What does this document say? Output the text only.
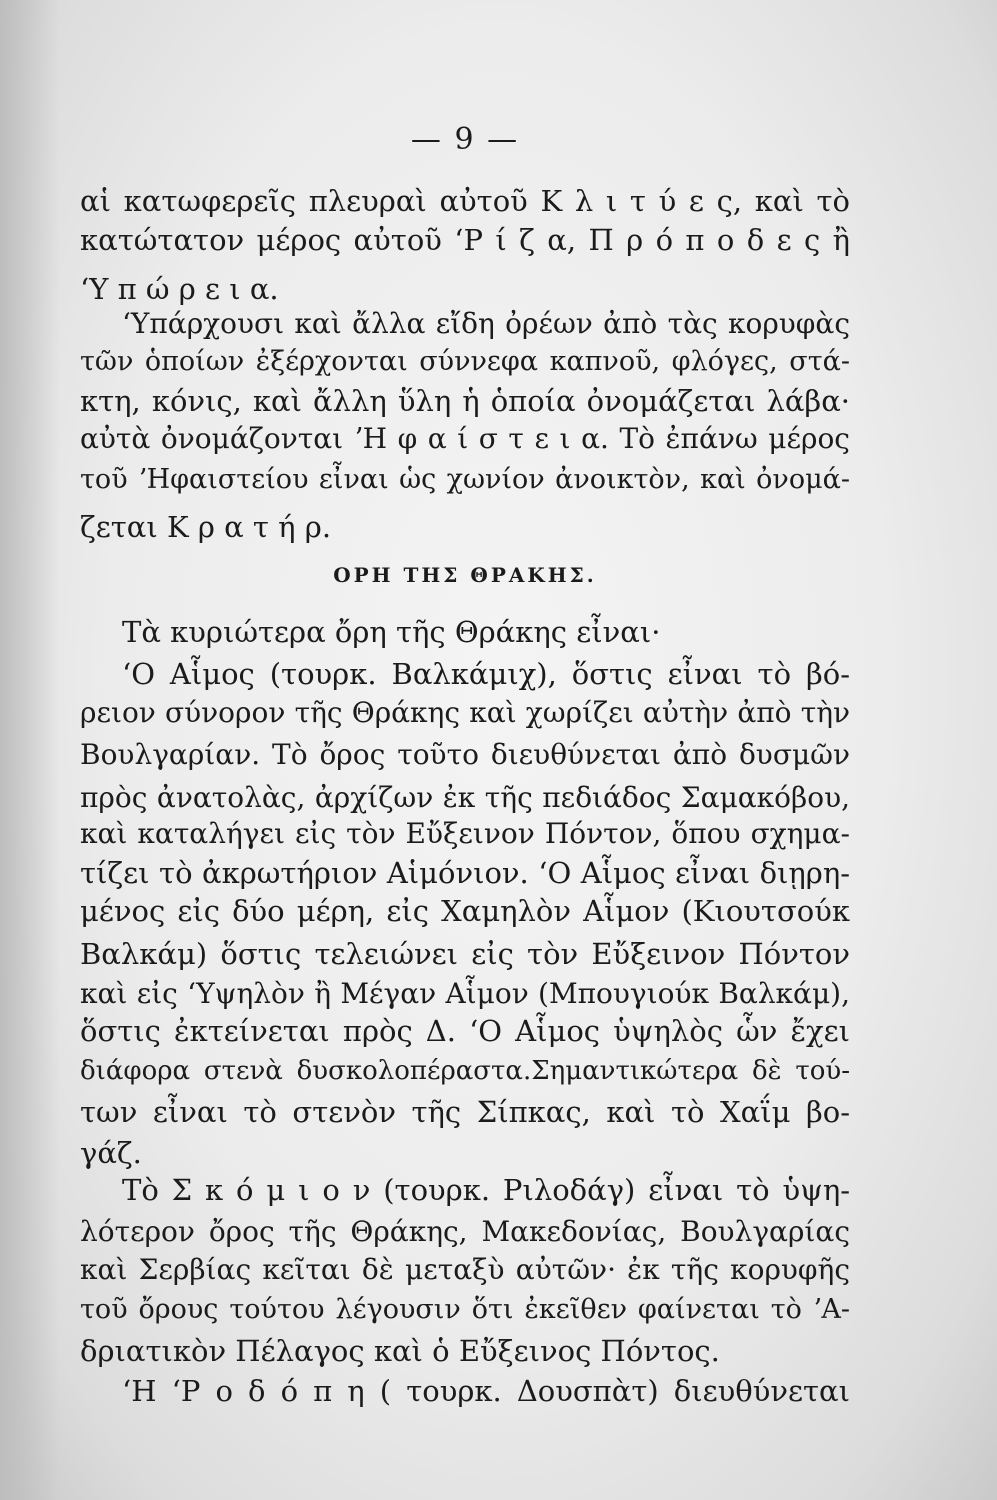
— 9 —
αἱ κατωφερεῖς πλευραὶ αὐτοῦ Κ λ ι τ ύ ε ς, καὶ τὸ
κατώτατον μέρος αὐτοῦ ʻΡ ί ζ α, Π ρ ό π ο δ ε ς ἢ
ʻΥ π ώ ρ ε ι α.
ʻΥπάρχουσι καὶ ἄλλα εἴδη ὀρέων ἀπὸ τὰς κορυφὰς
τῶν ὁποίων ἐξέρχονται σύννεφα καπνοῦ, φλόγες, στά-
κτη, κόνις, καὶ ἄλλη ὕλη ἡ ὁποία ὀνομάζεται λάβα·
αὐτὰ ὀνομάζονται ʼΗ φ α ί σ τ ε ι α. Τὸ ἐπάνω μέρος
τοῦ ʼΗφαιστείου εἶναι ὡς χωνίον ἀνοικτὸν, καὶ ὀνομά-
ζεται Κ ρ α τ ή ρ.
ΟΡΗ ΤΗΣ ΘΡΑΚΗΣ.
Τὰ κυριώτερα ὄρη τῆς Θράκης εἶναι·
ʻΟ Αἷμος (τουρκ. Βαλκάμιχ), ὅστις εἶναι τὸ βό-
ρειον σύνορον τῆς Θράκης καὶ χωρίζει αὐτὴν ἀπὸ τὴν
Βουλγαρίαν. Τὸ ὄρος τοῦτο διευθύνεται ἀπὸ δυσμῶν
πρὸς ἀνατολὰς, ἀρχίζων ἐκ τῆς πεδιάδος Σαμακόβου,
καὶ καταλήγει εἰς τὸν Εὔξεινον Πόντον, ὅπου σχημα-
τίζει τὸ ἀκρωτήριον Αἱμόνιον. ʻΟ Αἷμος εἶναι διῃρη-
μένος εἰς δύο μέρη, εἰς Χαμηλὸν Αἷμον (Κιουτσούκ
Βαλκάμ) ὅστις τελειώνει εἰς τὸν Εὔξεινον Πόντον
καὶ εἰς ʻΥψηλὸν ἢ Μέγαν Αἷμον (Μπουγιούκ Βαλκάμ),
ὅστις ἐκτείνεται πρὸς Δ. ʻΟ Αἷμος ὑψηλὸς ὧν ἔχει
διάφορα στενὰ δυσκολοπέραστα.Σημαντικώτερα δὲ τού-
των εἶναι τὸ στενὸν τῆς Σίπκας, καὶ τὸ Χαΐμ βο-
γάζ.
Τὸ Σ κ ό μ ι ο ν (τουρκ. Ριλοδάγ) εἶναι τὸ ὑψη-
λότερον ὄρος τῆς Θράκης, Μακεδονίας, Βουλγαρίας
καὶ Σερβίας κεῖται δὲ μεταξὺ αὐτῶν· ἐκ τῆς κορυφῆς
τοῦ ὄρους τούτου λέγουσιν ὅτι ἐκεῖθεν φαίνεται τὸ ʼΑ-
δριατικὸν Πέλαγος καὶ ὁ Εὔξεινος Πόντος.
ʻΗ ʻΡ ο δ ό π η ( τουρκ. Δουσπὰτ) διευθύνεται
